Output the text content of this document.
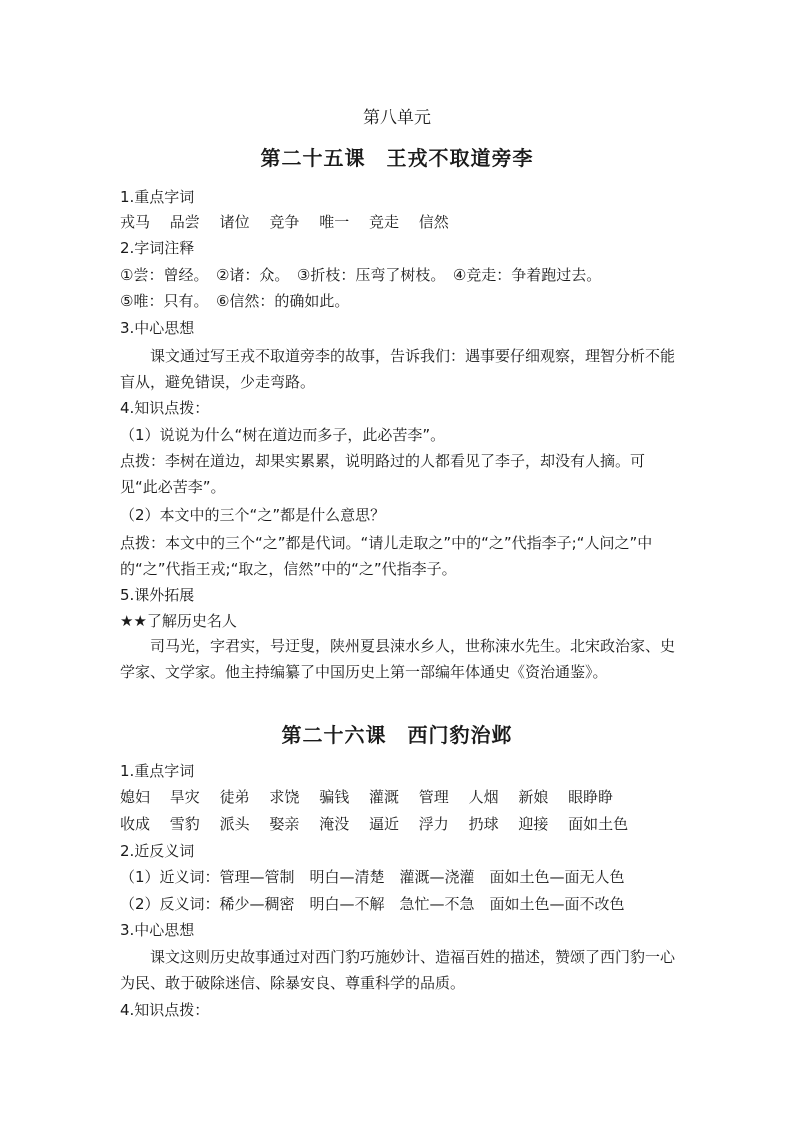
第八单元
第二十五课　王戎不取道旁李
1.重点字词
戎马 品尝 诸位 竞争 唯一 竞走 信然
2.字词注释
①尝：曾经。　②诸：众。　③折枝：压弯了树枝。　④竞走：争着跑过去。
⑤唯：只有。　⑥信然：的确如此。
3.中心思想
课文通过写王戎不取道旁李的故事，告诉我们：遇事要仔细观察，理智分析不能盲从，避免错误，少走弯路。
4.知识点拨：
（1）说说为什么“树在道边而多子，此必苦李”。
点拨：李树在道边，却果实累累，说明路过的人都看见了李子，却没有人摘。可见“此必苦李”。
（2）本文中的三个“之”都是什么意思？
点拨：本文中的三个“之”都是代词。“请儿走取之”中的“之”代指李子;“人问之”中的“之”代指王戎;“取之，信然”中的“之”代指李子。
5.课外拓展
★★了解历史名人
司马光，字君实，号迂叟，陕州夏县涑水乡人，世称涑水先生。北宋政治家、史学家、文学家。他主持编纂了中国历史上第一部编年体通史《资治通鉴》。
第二十六课　西门豹治邺
1.重点字词
媳妇 旱灾 徒弟 求饶 骗钱 灌溉 管理 人烟 新娘 眼睁睁
收成 雪豹 派头 娶亲 淹没 逼近 浮力 扔球 迎接 面如土色
2.近反义词
（1）近义词：管理—管制　明白—清楚　灌溉—浇灌　面如土色—面无人色
（2）反义词：稀少—稠密　明白—不解　急忙—不急　面如土色—面不改色
3.中心思想
课文这则历史故事通过对西门豹巧施妙计、造福百姓的描述，赞颂了西门豹一心为民、敢于破除迷信、除暴安良、尊重科学的品质。
4.知识点拨：
